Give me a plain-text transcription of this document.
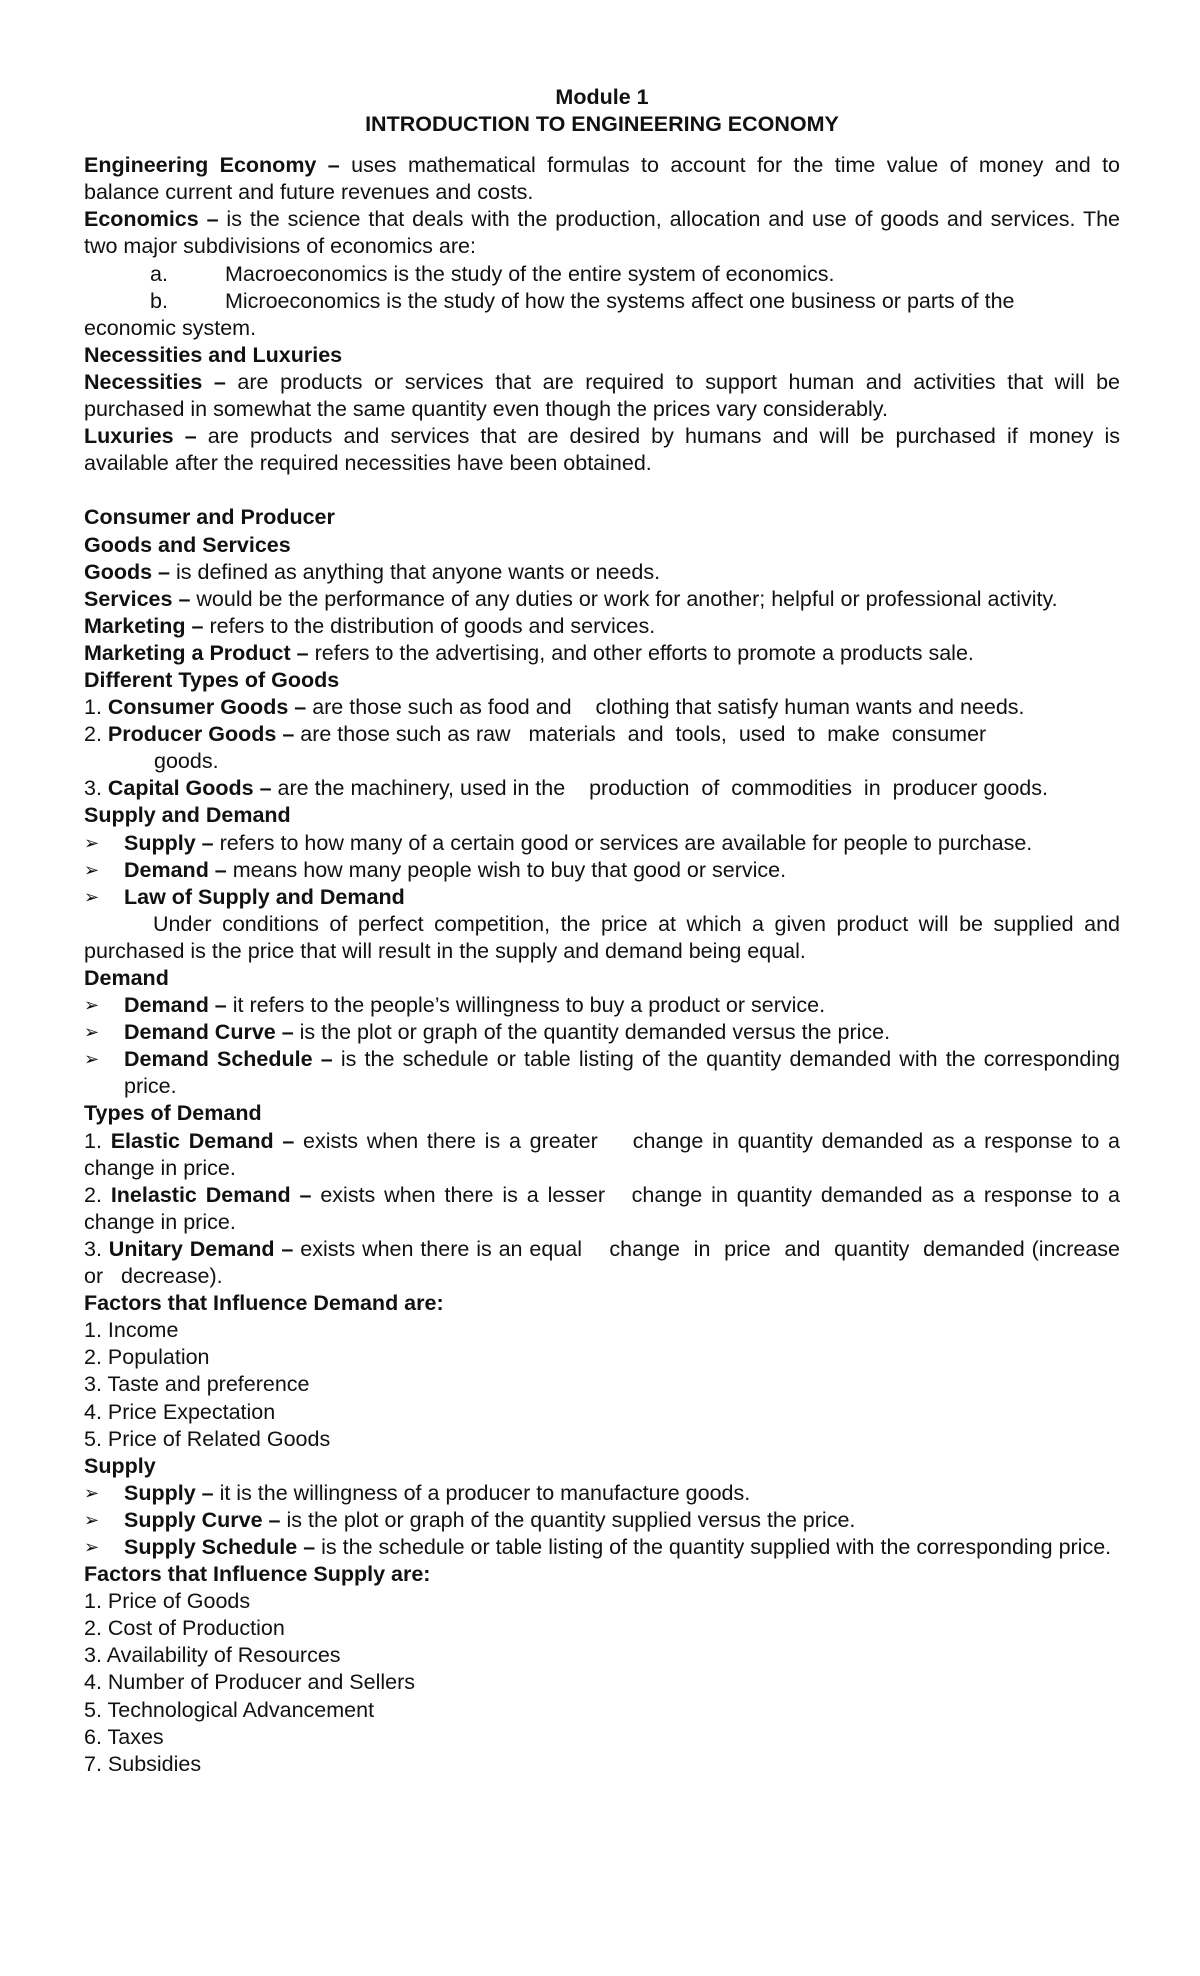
Module 1

INTRODUCTION TO ENGINEERING ECONOMY

Engineering Economy – uses mathematical formulas to account for the time value of money and to balance current and future revenues and costs.

Economics – is the science that deals with the production, allocation and use of goods and services. The two major subdivisions of economics are:

a.	Macroeconomics is the study of the entire system of economics.
b.	Microeconomics is the study of how the systems affect one business or parts of the

economic system.

Necessities and Luxuries

Necessities – are products or services that are required to support human and activities that will be purchased in somewhat the same quantity even though the prices vary considerably.

Luxuries – are products and services that are desired by humans and will be purchased if money is available after the required necessities have been obtained.

Consumer and Producer

Goods and Services

Goods – is defined as anything that anyone wants or needs.

Services – would be the performance of any duties or work for another; helpful or professional activity.

Marketing – refers to the distribution of goods and services.

Marketing a Product – refers to the advertising, and other efforts to promote a products sale.

Different Types of Goods

1. Consumer Goods – are those such as food and    clothing that satisfy human wants and needs.

2. Producer Goods – are those such as raw   materials  and  tools,  used  to  make  consumer

goods.

3. Capital Goods – are the machinery, used in the    production  of  commodities  in  producer goods.

Supply and Demand

➢	Supply – refers to how many of a certain good or services are available for people to purchase.
➢	Demand – means how many people wish to buy that good or service.
➢	Law of Supply and Demand

Under conditions of perfect competition, the price at which a given product will be supplied and purchased is the price that will result in the supply and demand being equal.

Demand

➢	Demand – it refers to the people’s willingness to buy a product or service.
➢	Demand Curve – is the plot or graph of the quantity demanded versus the price.
➢	Demand Schedule – is the schedule or table listing of the quantity demanded with the corresponding price.

Types of Demand

1. Elastic Demand – exists when there is a greater    change in quantity demanded as a response to a    change in price.

2. Inelastic Demand – exists when there is a lesser   change in quantity demanded as a response to a    change in price.

3. Unitary Demand – exists when there is an equal    change  in  price  and  quantity  demanded (increase or   decrease).

Factors that Influence Demand are:

1. Income

2. Population

3. Taste and preference

4. Price Expectation

5. Price of Related Goods

Supply

➢	Supply – it is the willingness of a producer to manufacture goods.
➢	Supply Curve – is the plot or graph of the quantity supplied versus the price.
➢	Supply Schedule – is the schedule or table listing of the quantity supplied with the corresponding price.

Factors that Influence Supply are:

1. Price of Goods

2. Cost of Production

3. Availability of Resources

4. Number of Producer and Sellers

5. Technological Advancement

6. Taxes

7. Subsidies
